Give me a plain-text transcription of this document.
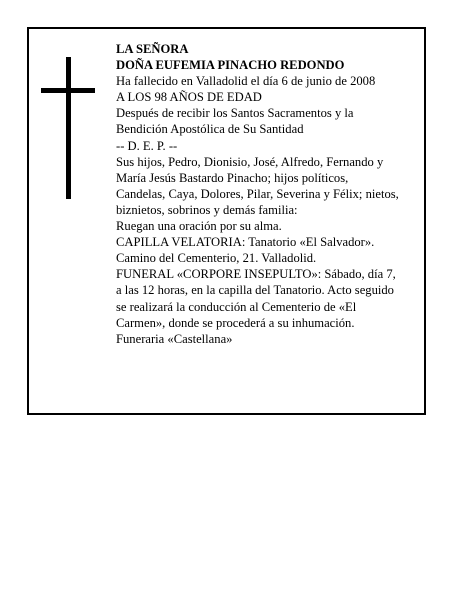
LA SEÑORA
DOÑA EUFEMIA PINACHO REDONDO
Ha fallecido en Valladolid el día 6 de junio de 2008
A LOS 98 AÑOS DE EDAD
Después de recibir los Santos Sacramentos y la
Bendición Apostólica de Su Santidad
-- D. E. P. --
Sus hijos, Pedro, Dionisio, José, Alfredo, Fernando y
María Jesús Bastardo Pinacho; hijos políticos,
Candelas, Caya, Dolores, Pilar, Severina y Félix; nietos,
biznietos, sobrinos y demás familia:
Ruegan una oración por su alma.
CAPILLA VELATORIA: Tanatorio «El Salvador».
Camino del Cementerio, 21. Valladolid.
FUNERAL «CORPORE INSEPULTO»: Sábado, día 7,
a las 12 horas, en la capilla del Tanatorio. Acto seguido
se realizará la conducción al Cementerio de «El
Carmen», donde se procederá a su inhumación.
Funeraria «Castellana»
